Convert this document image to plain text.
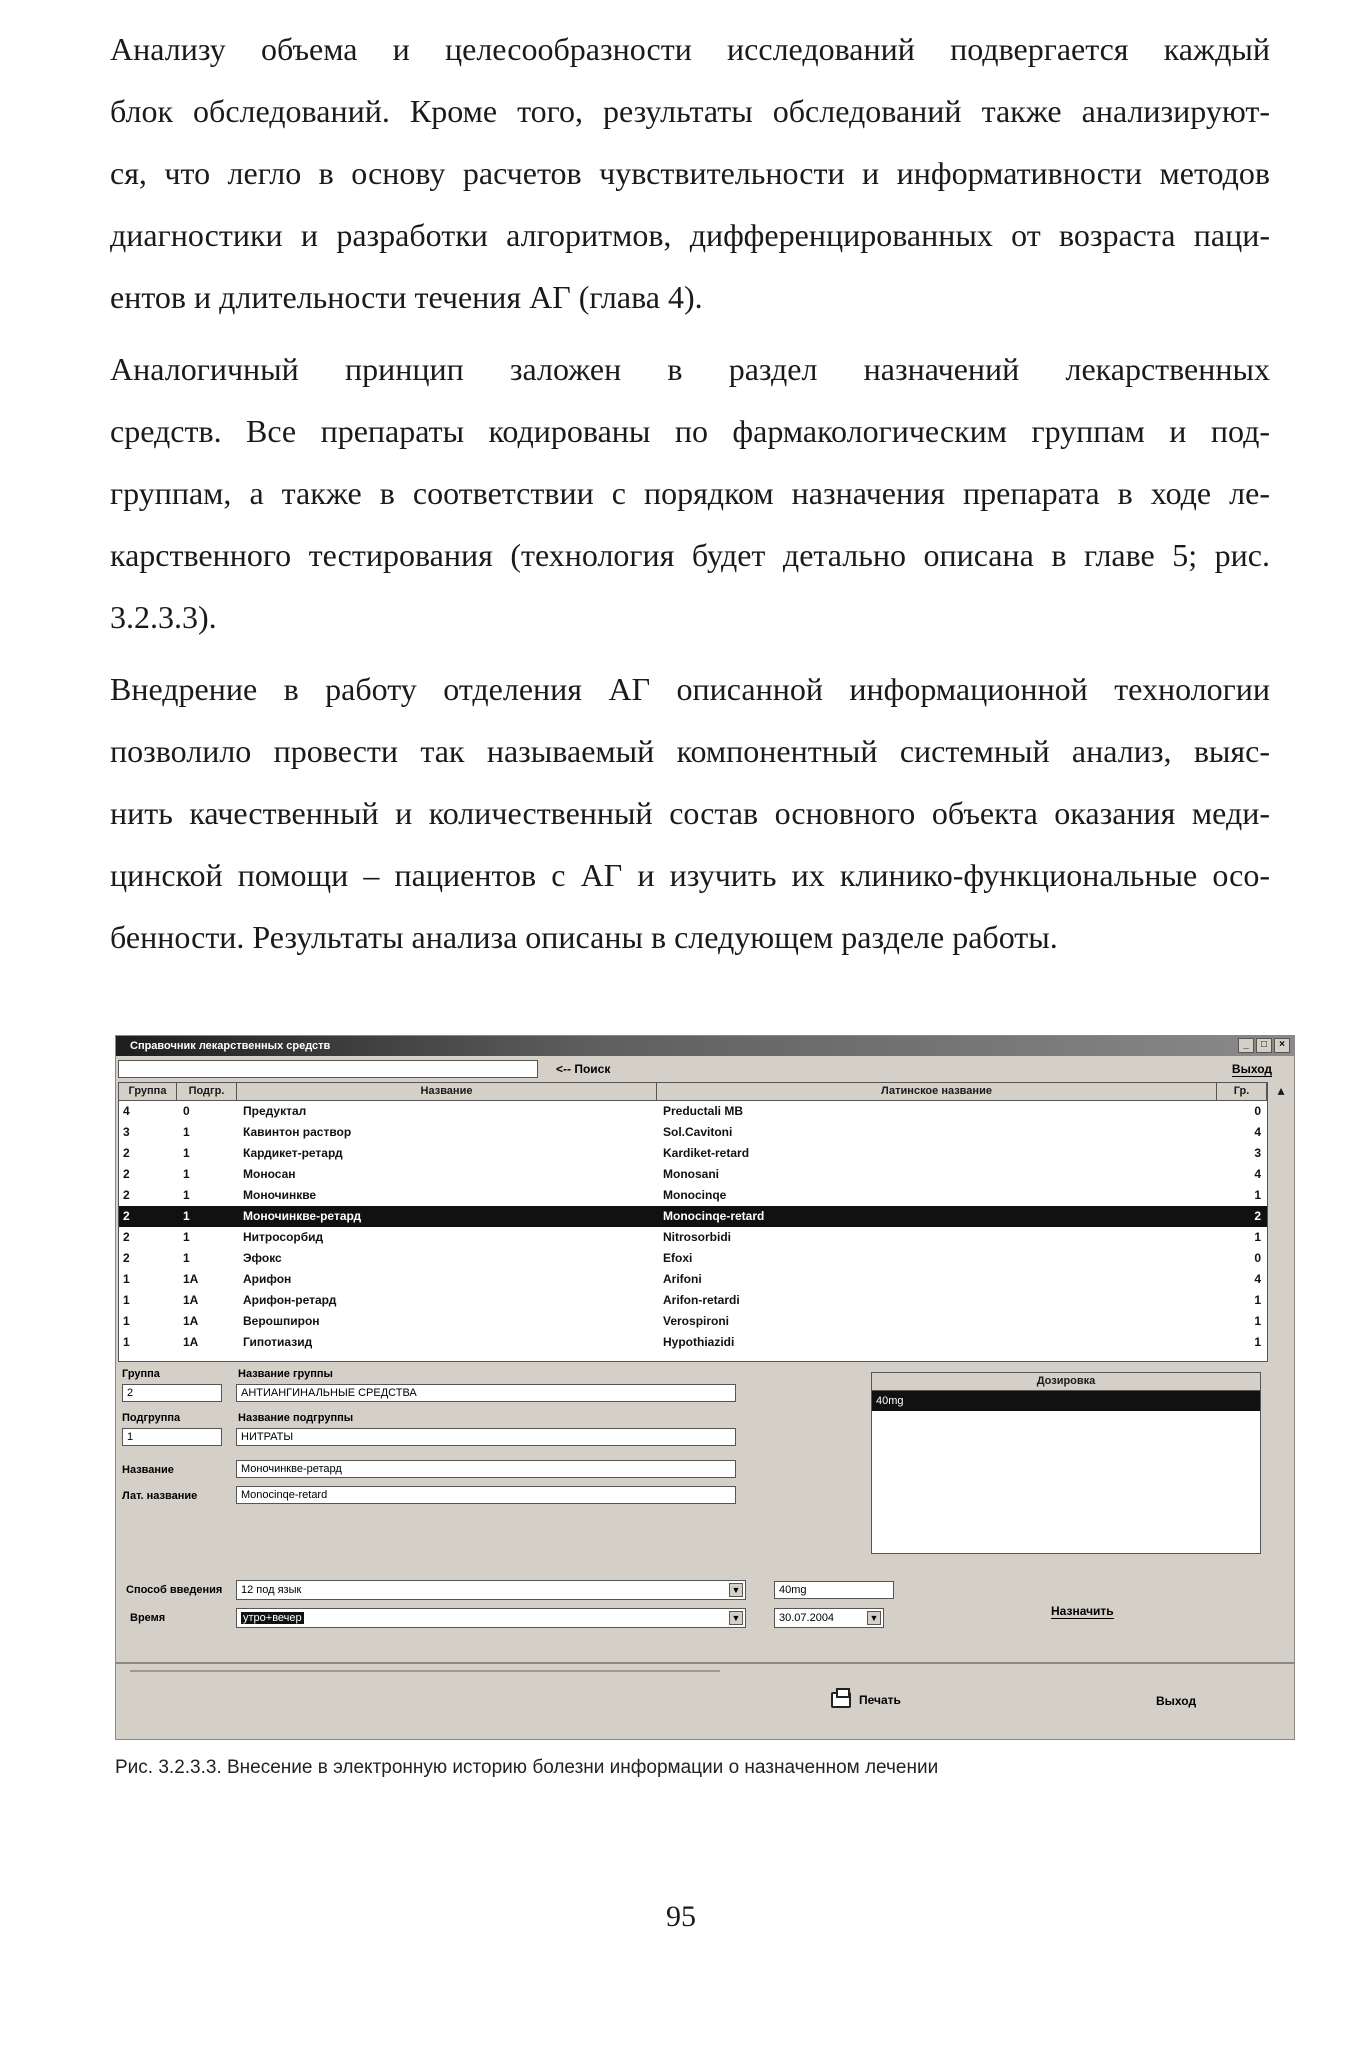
Анализу объема и целесообразности исследований подвергается каждый
блок обследований. Кроме того, результаты обследований также анализируют-
ся, что легло в основу расчетов чувствительности и информативности методов
диагностики и разработки алгоритмов, дифференцированных от возраста паци-
ентов и длительности течения АГ (глава 4).
Аналогичный принцип заложен в раздел назначений лекарственных
средств. Все препараты кодированы по фармакологическим группам и под-
группам, а также в соответствии с порядком назначения препарата в ходе ле-
карственного тестирования (технология будет детально описана в главе 5; рис.
3.2.3.3).
Внедрение в работу отделения АГ описанной информационной технологии
позволило провести так называемый компонентный системный анализ, выяс-
нить качественный и количественный состав основного объекта оказания меди-
цинской помощи – пациентов с АГ и изучить их клинико-функциональные осо-
бенности. Результаты анализа описаны в следующем разделе работы.
Справочник лекарственных средств	_	□	×
<-- Поиск	Выход
Группа	Подгр.	Название	Латинское название	Гр.
4	0	Предуктал	Preductali MB	0
3	1	Кавинтон раствор	Sol.Cavitoni	4
2	1	Кардикет-ретард	Kardiket-retard	3
2	1	Моносан	Monosani	4
2	1	Моночинкве	Monocinqe	1
2	1	Моночинкве-ретард	Monocinqe-retard	2
2	1	Нитросорбид	Nitrosorbidi	1
2	1	Эфокс	Efoxi	0
1	1А	Арифон	Arifoni	4
1	1А	Арифон-ретард	Arifon-retardi	1
1	1А	Верошпирон	Verospironi	1
1	1А	Гипотиазид	Hypothiazidi	1
▴
Группа	Название группы
2	АНТИАНГИНАЛЬНЫЕ СРЕДСТВА
Подгруппа	Название подгруппы
1	НИТРАТЫ
Название	Моночинкве-ретард
Лат. название	Monocinqe-retard
Дозировка
40mg
Способ введения	12 под язык	▼	40mg
Время	утро+вечер	▼	30.07.2004	▼	Назначить
Печать	Выход
Рис. 3.2.3.3. Внесение в электронную историю болезни информации о назначенном лечении
95
